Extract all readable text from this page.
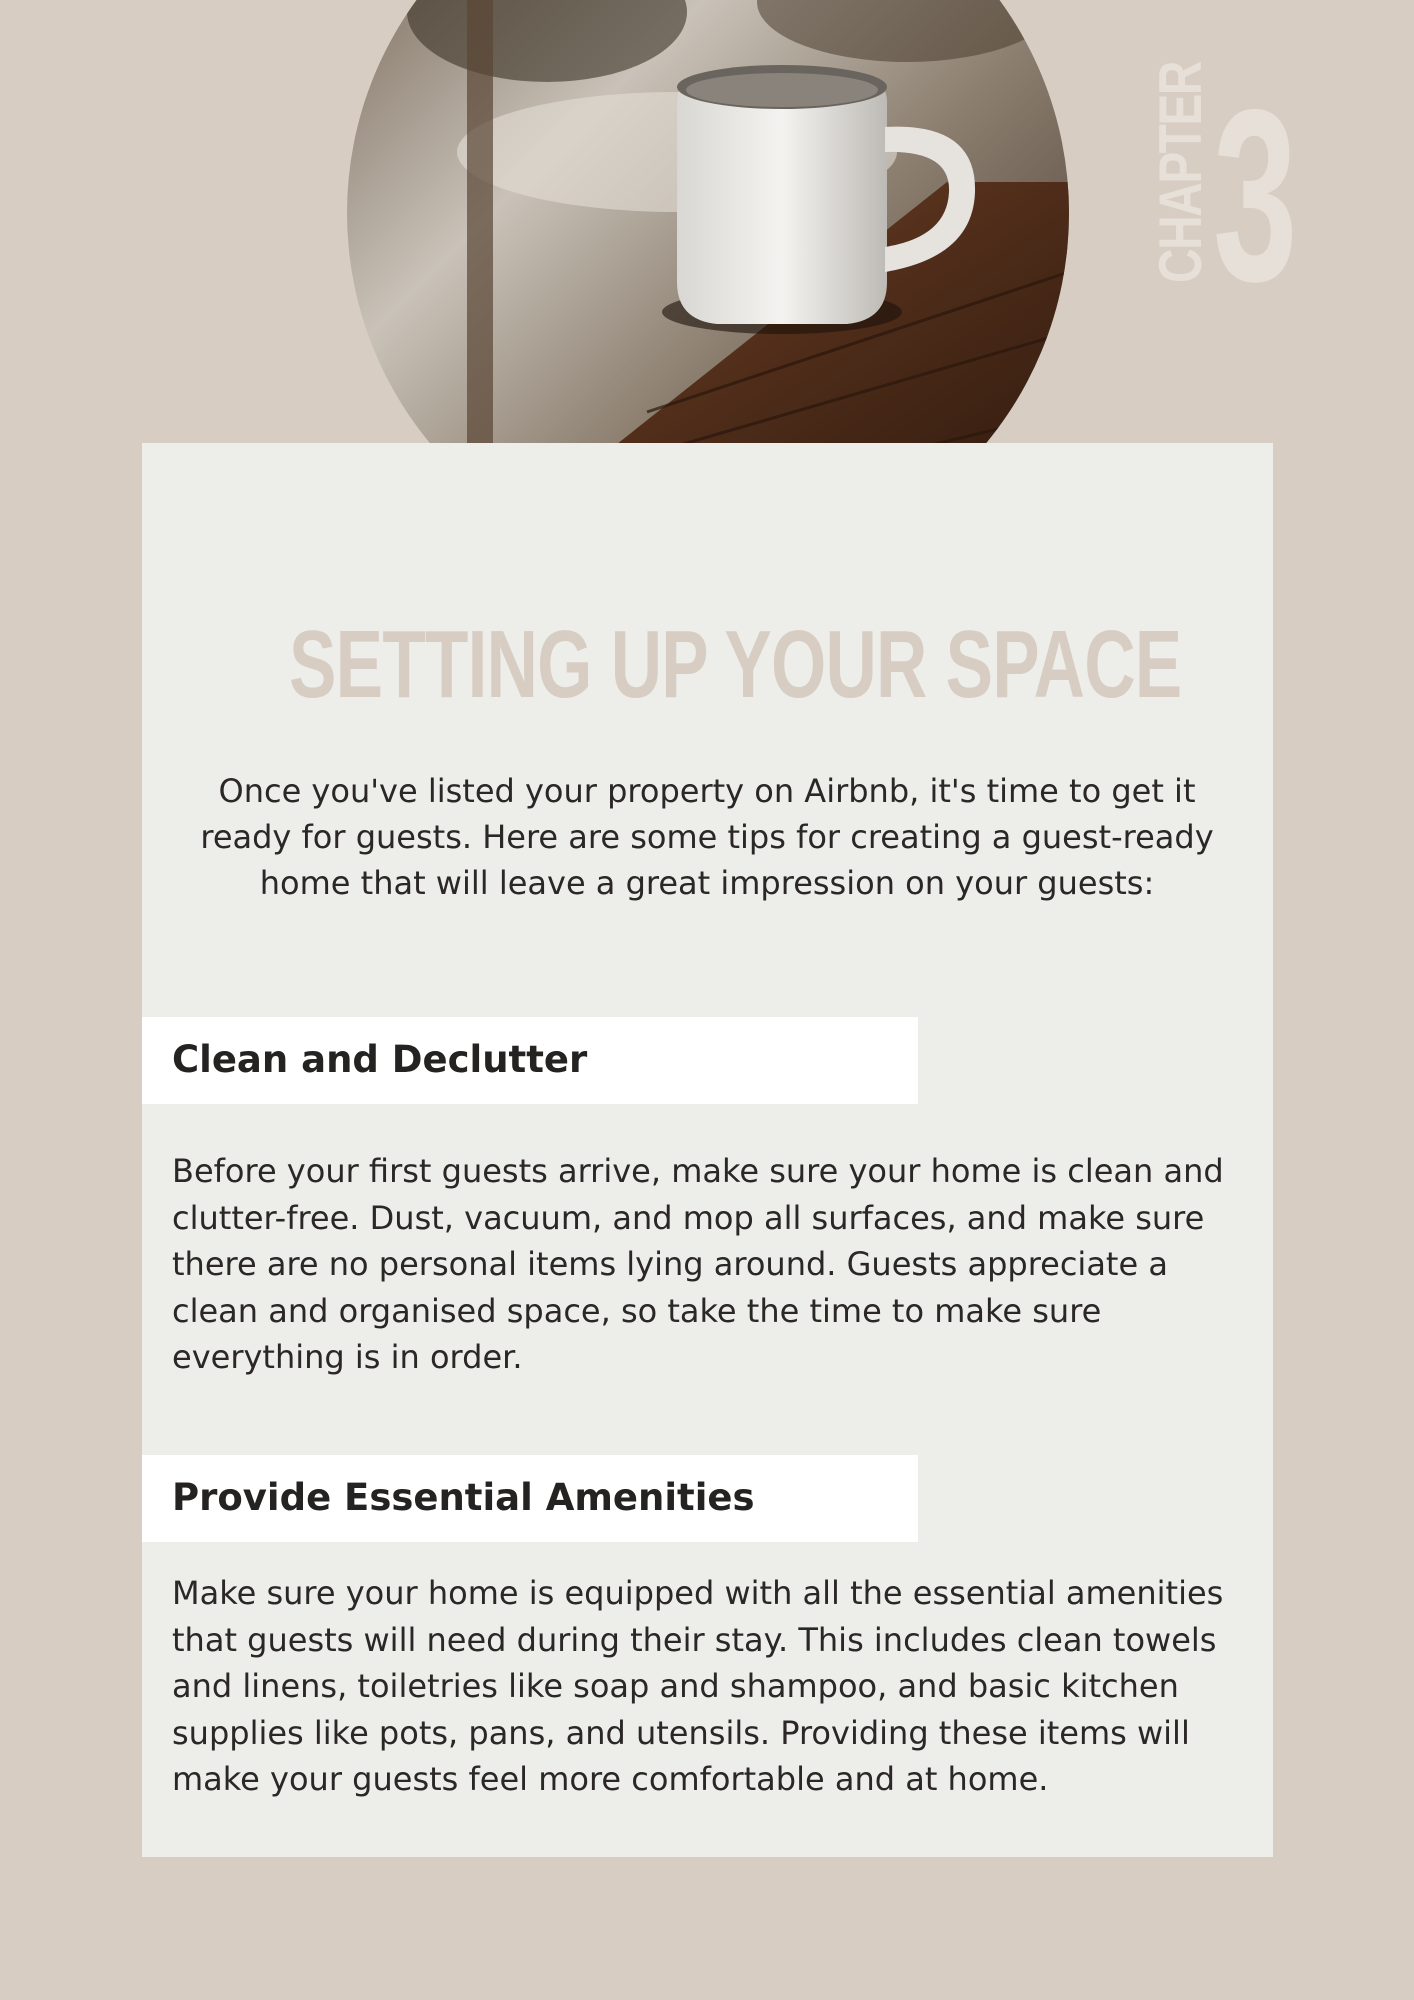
CHAPTER 3
SETTING UP YOUR SPACE
Once you've listed your property on Airbnb, it's time to get it ready for guests. Here are some tips for creating a guest-ready home that will leave a great impression on your guests:
Clean and Declutter
Before your first guests arrive, make sure your home is clean and clutter-free. Dust, vacuum, and mop all surfaces, and make sure there are no personal items lying around. Guests appreciate a clean and organised space, so take the time to make sure everything is in order.
Provide Essential Amenities
Make sure your home is equipped with all the essential amenities that guests will need during their stay. This includes clean towels and linens, toiletries like soap and shampoo, and basic kitchen supplies like pots, pans, and utensils. Providing these items will make your guests feel more comfortable and at home.
